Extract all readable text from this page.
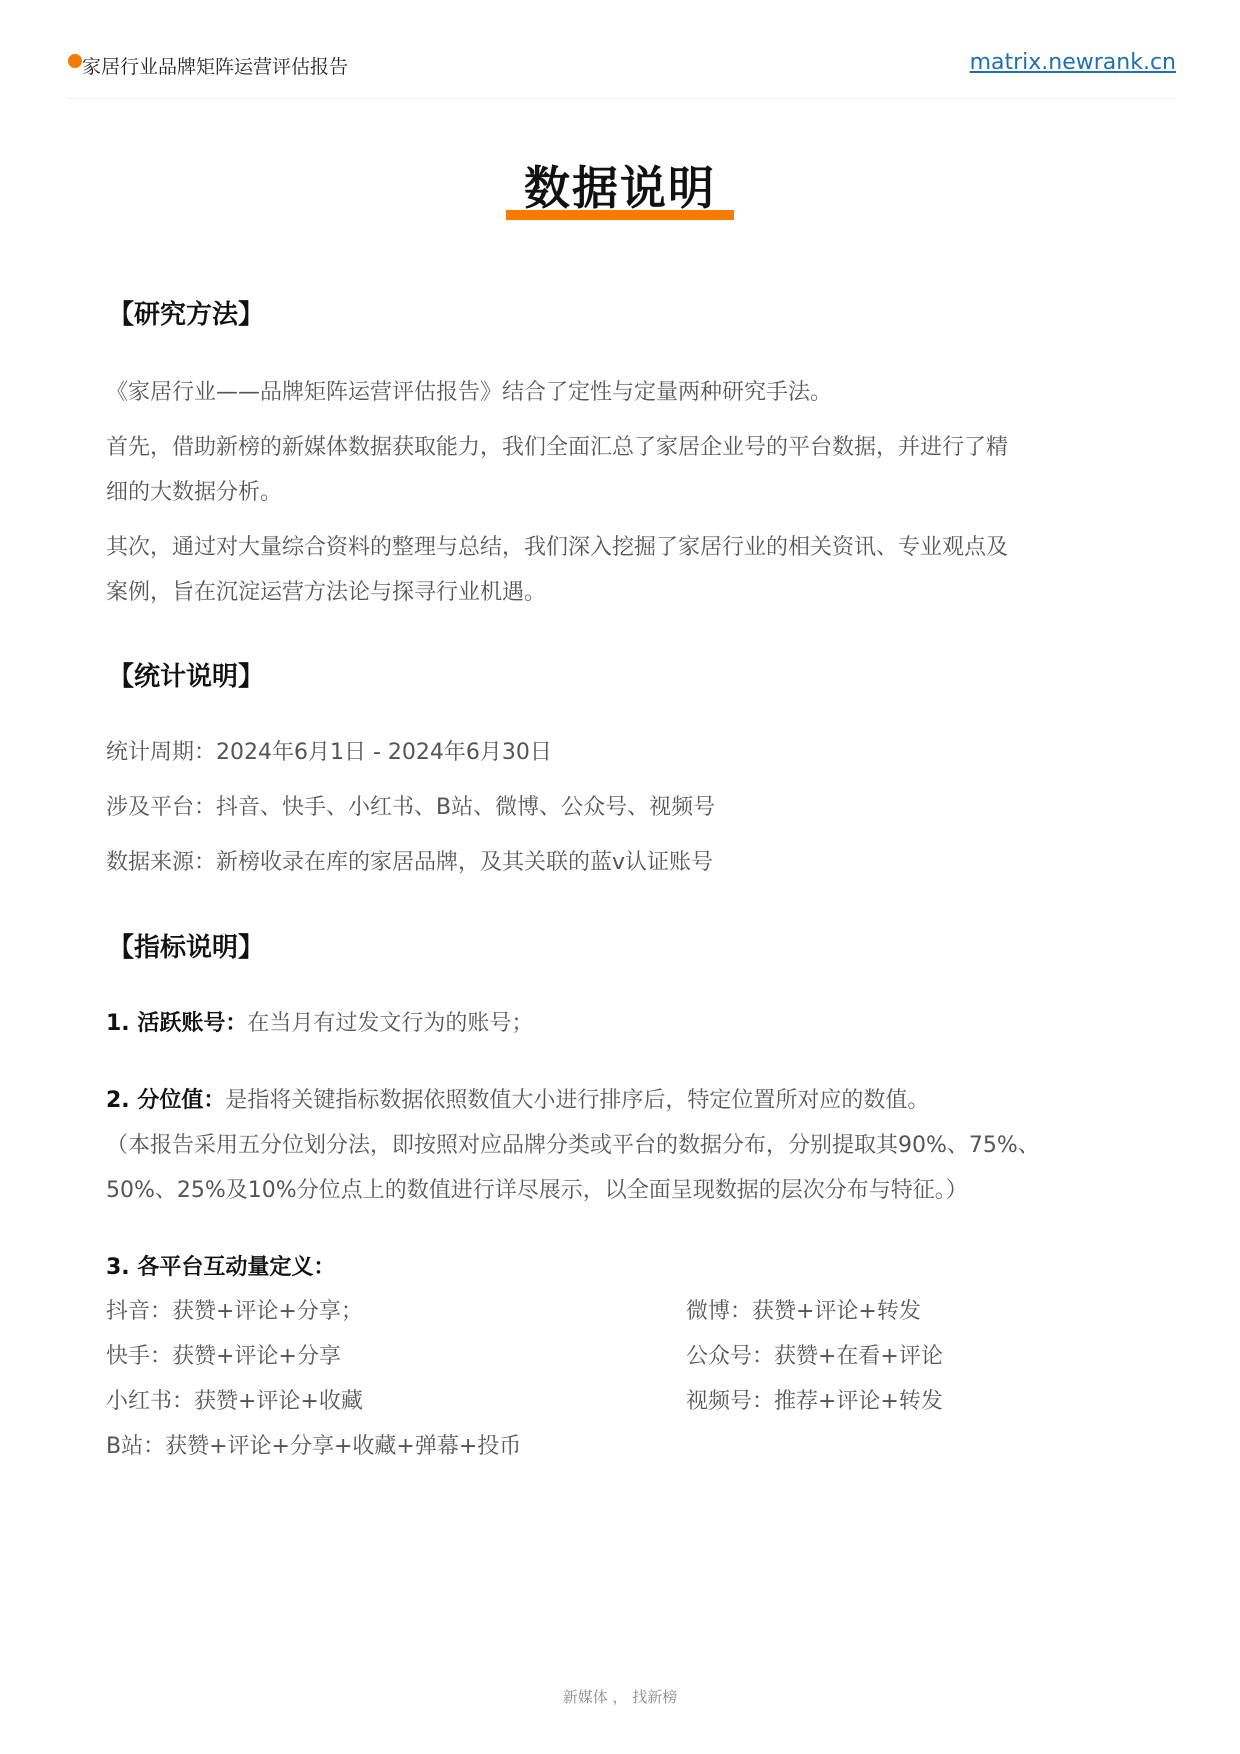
家居行业品牌矩阵运营评估报告	matrix.newrank.cn
数据说明
【研究方法】
《家居行业——品牌矩阵运营评估报告》结合了定性与定量两种研究手法。
首先，借助新榜的新媒体数据获取能力，我们全面汇总了家居企业号的平台数据，并进行了精
细的大数据分析。
其次，通过对大量综合资料的整理与总结，我们深入挖掘了家居行业的相关资讯、专业观点及
案例，旨在沉淀运营方法论与探寻行业机遇。
【统计说明】
统计周期：2024年6月1日 - 2024年6月30日
涉及平台：抖音、快手、小红书、B站、微博、公众号、视频号
数据来源：新榜收录在库的家居品牌，及其关联的蓝v认证账号
【指标说明】
1. 活跃账号：在当月有过发文行为的账号；
2. 分位值：是指将关键指标数据依照数值大小进行排序后，特定位置所对应的数值。
（本报告采用五分位划分法，即按照对应品牌分类或平台的数据分布，分别提取其90%、75%、
50%、25%及10%分位点上的数值进行详尽展示，以全面呈现数据的层次分布与特征。）
3. 各平台互动量定义：
抖音：获赞+评论+分享；
快手：获赞+评论+分享
小红书：获赞+评论+收藏
B站：获赞+评论+分享+收藏+弹幕+投币
微博：获赞+评论+转发
公众号：获赞+在看+评论
视频号：推荐+评论+转发
新媒体 ， 找新榜
